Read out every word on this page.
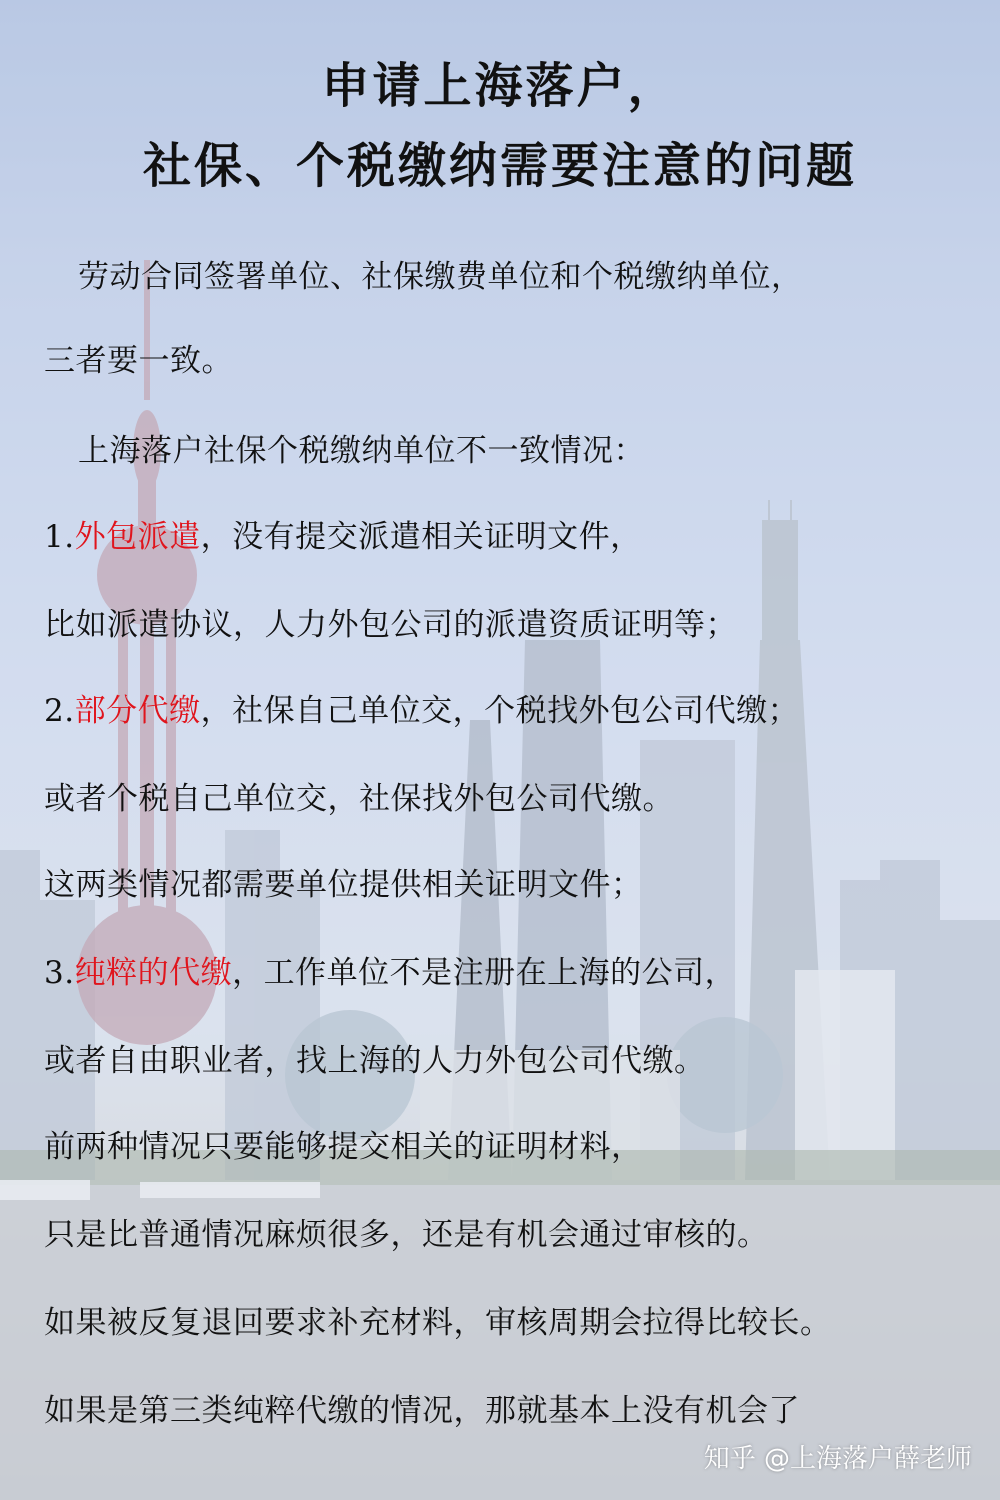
申请上海落户，
社保、个税缴纳需要注意的问题
劳动合同签署单位、社保缴费单位和个税缴纳单位，
三者要一致。
上海落户社保个税缴纳单位不一致情况：
1.外包派遣，没有提交派遣相关证明文件，
比如派遣协议，人力外包公司的派遣资质证明等；
2.部分代缴，社保自己单位交，个税找外包公司代缴；
或者个税自己单位交，社保找外包公司代缴。
这两类情况都需要单位提供相关证明文件；
3.纯粹的代缴，工作单位不是注册在上海的公司，
或者自由职业者，找上海的人力外包公司代缴。
前两种情况只要能够提交相关的证明材料，
只是比普通情况麻烦很多，还是有机会通过审核的。
如果被反复退回要求补充材料，审核周期会拉得比较长。
如果是第三类纯粹代缴的情况，那就基本上没有机会了
知乎 @上海落户薛老师
